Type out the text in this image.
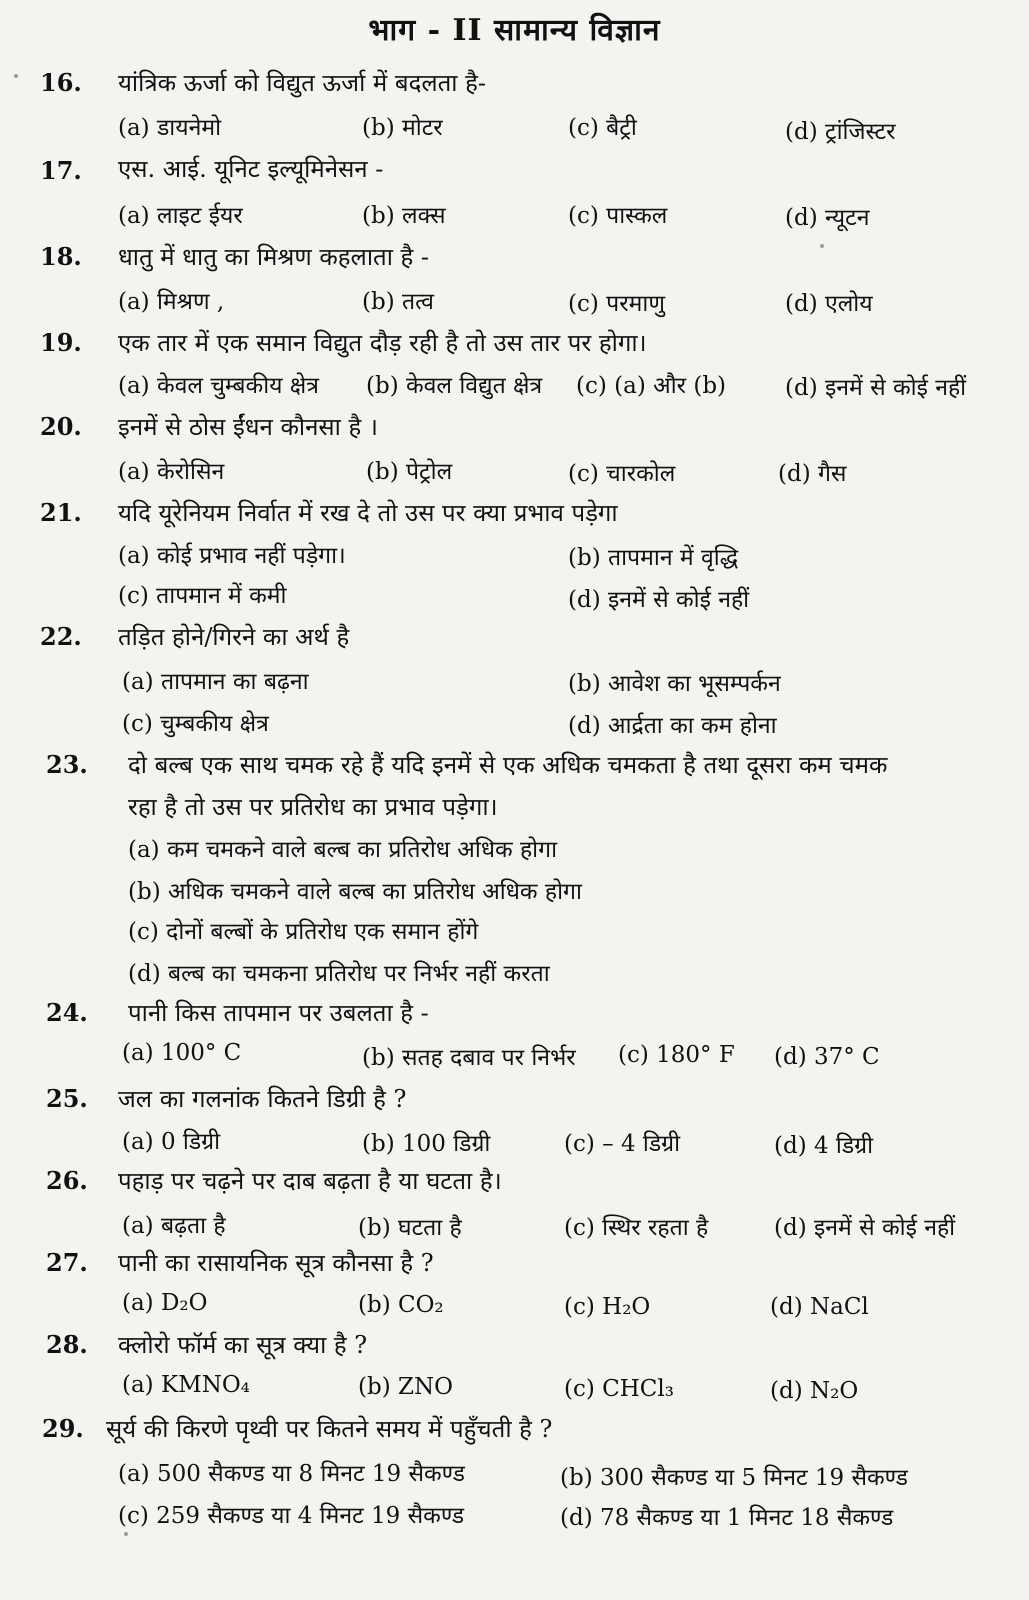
भाग - II सामान्य विज्ञान
16. यांत्रिक ऊर्जा को विद्युत ऊर्जा में बदलता है-
(a) डायनेमो	(b) मोटर	(c) बैट्री	(d) ट्रांजिस्टर
17. एस. आई. यूनिट इल्यूमिनेसन -
(a) लाइट ईयर	(b) लक्स	(c) पास्कल	(d) न्यूटन
18. धातु में धातु का मिश्रण कहलाता है -
(a) मिश्रण ,	(b) तत्व	(c) परमाणु	(d) एलोय
19. एक तार में एक समान विद्युत दौड़ रही है तो उस तार पर होगा।
(a) केवल चुम्बकीय क्षेत्र (b) केवल विद्युत क्षेत्र (c) (a) और (b)	(d) इनमें से कोई नहीं
20. इनमें से ठोस ईंधन कौनसा है ।
(a) केरोसिन	(b) पेट्रोल	(c) चारकोल	(d) गैस
21. यदि यूरेनियम निर्वात में रख दे तो उस पर क्या प्रभाव पड़ेगा
(a) कोई प्रभाव नहीं पड़ेगा।	(b) तापमान में वृद्धि
(c) तापमान में कमी	(d) इनमें से कोई नहीं
22. तड़ित होने/गिरने का अर्थ है
(a) तापमान का बढ़ना	(b) आवेश का भूसम्पर्कन
(c) चुम्बकीय क्षेत्र	(d) आर्द्रता का कम होना
23. दो बल्ब एक साथ चमक रहे हैं यदि इनमें से एक अधिक चमकता है तथा दूसरा कम चमक
रहा है तो उस पर प्रतिरोध का प्रभाव पड़ेगा।
(a) कम चमकने वाले बल्ब का प्रतिरोध अधिक होगा
(b) अधिक चमकने वाले बल्ब का प्रतिरोध अधिक होगा
(c) दोनों बल्बों के प्रतिरोध एक समान होंगे
(d) बल्ब का चमकना प्रतिरोध पर निर्भर नहीं करता
24. पानी किस तापमान पर उबलता है -
(a) 100° C	(b) सतह दबाव पर निर्भर (c) 180° F (d) 37° C
25. जल का गलनांक कितने डिग्री है ?
(a) 0 डिग्री	(b) 100 डिग्री	(c) – 4 डिग्री	(d) 4 डिग्री
26. पहाड़ पर चढ़ने पर दाब बढ़ता है या घटता है।
(a) बढ़ता है	(b) घटता है	(c) स्थिर रहता है	(d) इनमें से कोई नहीं
27. पानी का रासायनिक सूत्र कौनसा है ?
(a) D₂O	(b) CO₂	(c) H₂O	(d) NaCl
28. क्लोरो फॉर्म का सूत्र क्या है ?
(a) KMNO₄	(b) ZNO	(c) CHCl₃	(d) N₂O
29. सूर्य की किरणे पृथ्वी पर कितने समय में पहुँचती है ?
(a) 500 सैकण्ड या 8 मिनट 19 सैकण्ड	(b) 300 सैकण्ड या 5 मिनट 19 सैकण्ड
(c) 259 सैकण्ड या 4 मिनट 19 सैकण्ड	(d) 78 सैकण्ड या 1 मिनट 18 सैकण्ड
